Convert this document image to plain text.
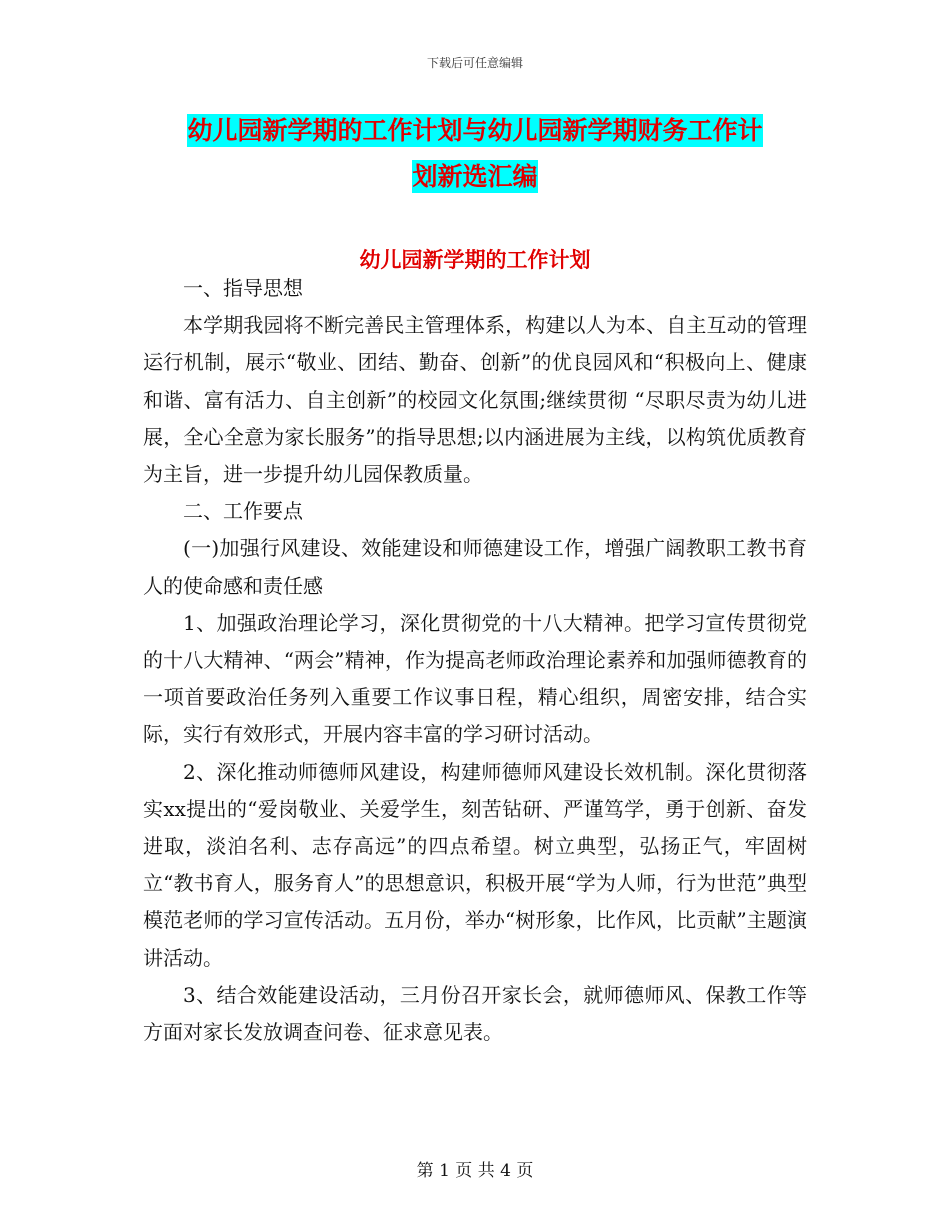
下载后可任意编辑
幼儿园新学期的工作计划与幼儿园新学期财务工作计
划新选汇编
幼儿园新学期的工作计划

一、指导思想

本学期我园将不断完善民主管理体系，构建以人为本、自主互动的管理运行机制，展示“敬业、团结、勤奋、创新”的优良园风和“积极向上、健康和谐、富有活力、自主创新”的校园文化氛围;继续贯彻 “尽职尽责为幼儿进展，全心全意为家长服务”的指导思想;以内涵进展为主线，以构筑优质教育为主旨，进一步提升幼儿园保教质量。

二、工作要点

(一)加强行风建设、效能建设和师德建设工作，增强广阔教职工教书育人的使命感和责任感

1、加强政治理论学习，深化贯彻党的十八大精神。把学习宣传贯彻党的十八大精神、“两会”精神，作为提高老师政治理论素养和加强师德教育的一项首要政治任务列入重要工作议事日程，精心组织，周密安排，结合实际，实行有效形式，开展内容丰富的学习研讨活动。

2、深化推动师德师风建设，构建师德师风建设长效机制。深化贯彻落实xx提出的“爱岗敬业、关爱学生，刻苦钻研、严谨笃学，勇于创新、奋发进取，淡泊名利、志存高远”的四点希望。树立典型，弘扬正气，牢固树立“教书育人，服务育人”的思想意识，积极开展“学为人师，行为世范”典型模范老师的学习宣传活动。五月份，举办“树形象，比作风，比贡献”主题演讲活动。

3、结合效能建设活动，三月份召开家长会，就师德师风、保教工作等方面对家长发放调查问卷、征求意见表。

第 1 页 共 4 页
